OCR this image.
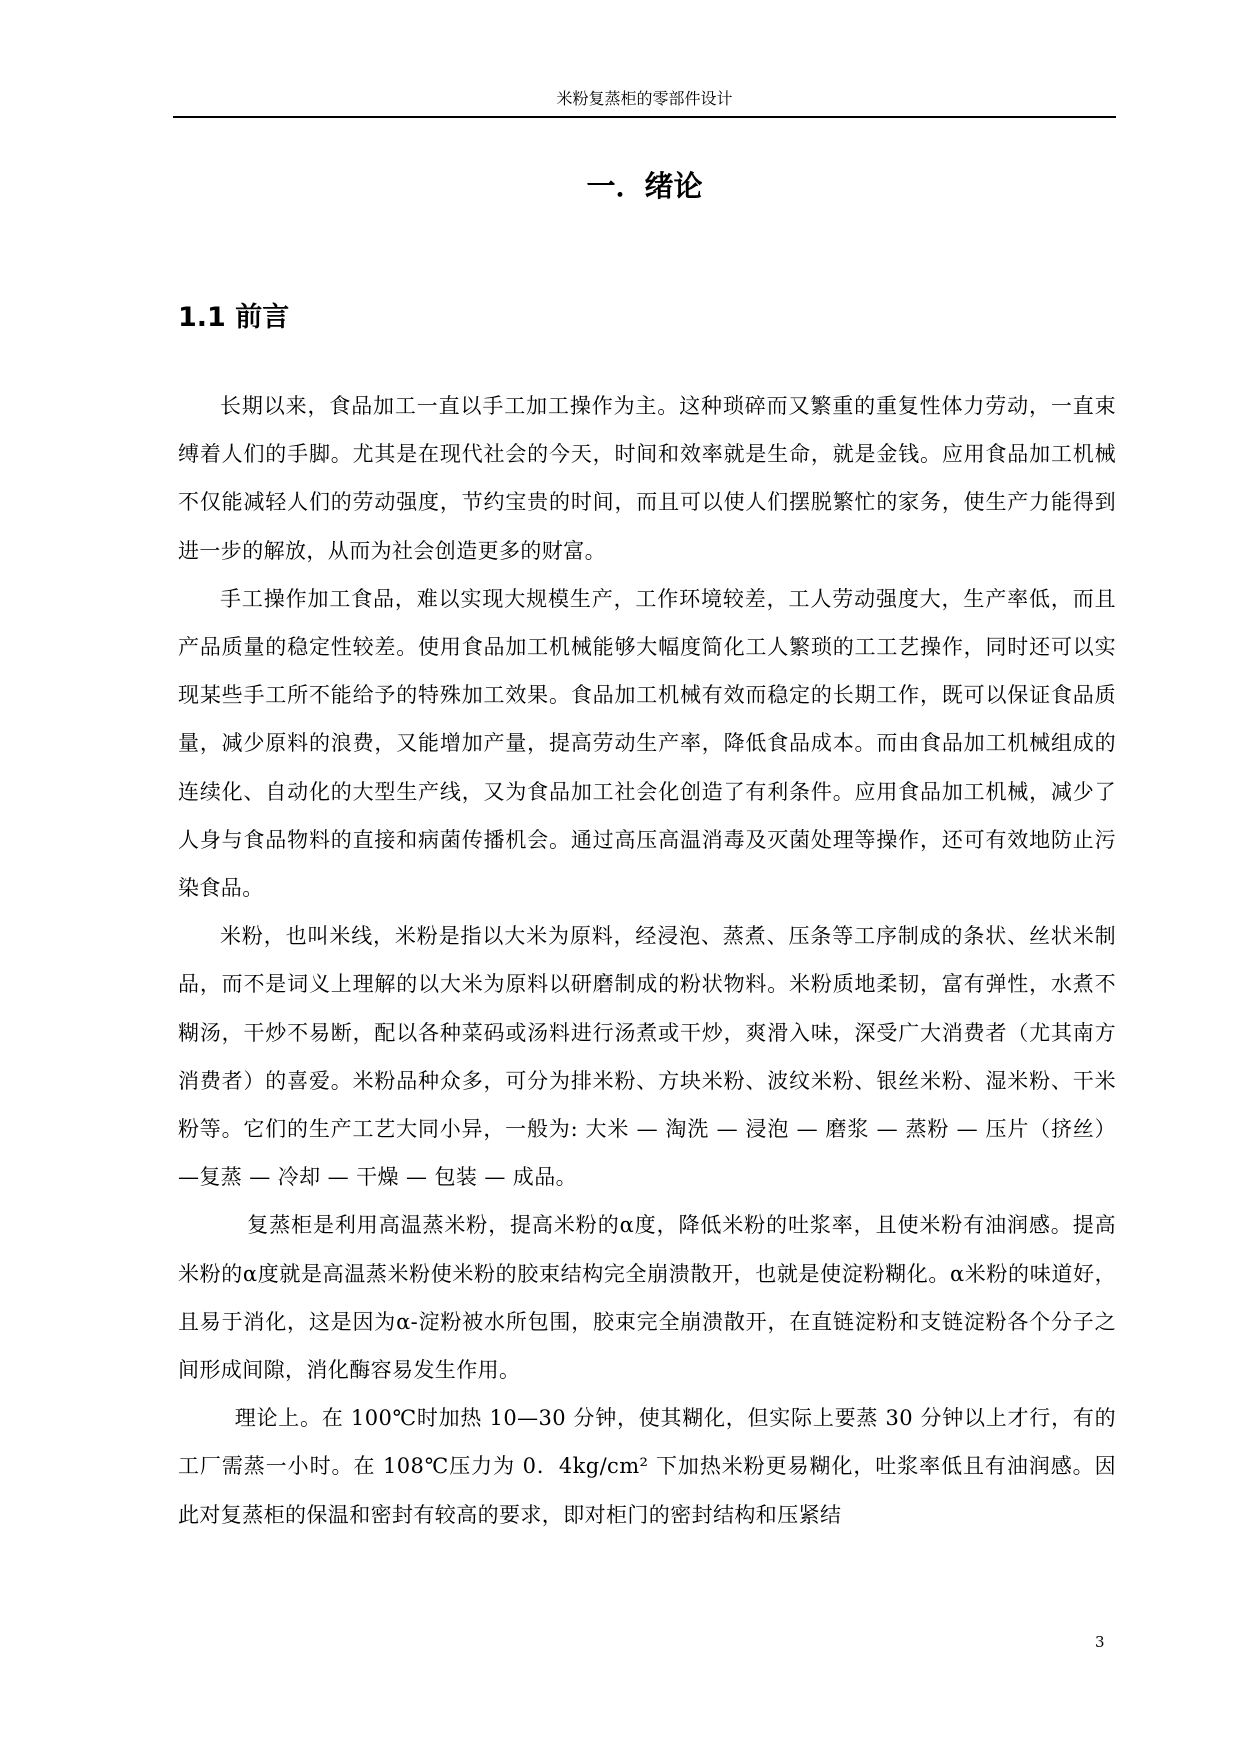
米粉复蒸柜的零部件设计
一．绪论
1.1 前言

长期以来，食品加工一直以手工加工操作为主。这种琐碎而又繁重的重复性体力劳动，一直束缚着人们的手脚。尤其是在现代社会的今天，时间和效率就是生命，就是金钱。应用食品加工机械不仅能减轻人们的劳动强度，节约宝贵的时间，而且可以使人们摆脱繁忙的家务，使生产力能得到进一步的解放，从而为社会创造更多的财富。

手工操作加工食品，难以实现大规模生产，工作环境较差，工人劳动强度大，生产率低，而且产品质量的稳定性较差。使用食品加工机械能够大幅度简化工人繁琐的工工艺操作，同时还可以实现某些手工所不能给予的特殊加工效果。食品加工机械有效而稳定的长期工作，既可以保证食品质量，减少原料的浪费，又能增加产量，提高劳动生产率，降低食品成本。而由食品加工机械组成的连续化、自动化的大型生产线，又为食品加工社会化创造了有利条件。应用食品加工机械，减少了人身与食品物料的直接和病菌传播机会。通过高压高温消毒及灭菌处理等操作，还可有效地防止污染食品。

米粉，也叫米线，米粉是指以大米为原料，经浸泡、蒸煮、压条等工序制成的条状、丝状米制品，而不是词义上理解的以大米为原料以研磨制成的粉状物料。米粉质地柔韧，富有弹性，水煮不糊汤，干炒不易断，配以各种菜码或汤料进行汤煮或干炒，爽滑入味，深受广大消费者（尤其南方消费者）的喜爱。米粉品种众多，可分为排米粉、方块米粉、波纹米粉、银丝米粉、湿米粉、干米粉等。它们的生产工艺大同小异，一般为: 大米 — 淘洗 — 浸泡 — 磨浆 — 蒸粉 — 压片（挤丝）—复蒸 — 冷却 — 干燥 — 包装 — 成品。

复蒸柜是利用高温蒸米粉，提高米粉的α度，降低米粉的吐浆率，且使米粉有油润感。提高米粉的α度就是高温蒸米粉使米粉的胶束结构完全崩溃散开，也就是使淀粉糊化。α米粉的味道好，且易于消化，这是因为α-淀粉被水所包围，胶束完全崩溃散开，在直链淀粉和支链淀粉各个分子之间形成间隙，消化酶容易发生作用。

理论上。在 100℃时加热 10—30 分钟，使其糊化，但实际上要蒸 30 分钟以上才行，有的工厂需蒸一小时。在 108℃压力为 0．4kg/cm² 下加热米粉更易糊化，吐浆率低且有油润感。因此对复蒸柜的保温和密封有较高的要求，即对柜门的密封结构和压紧结

3
